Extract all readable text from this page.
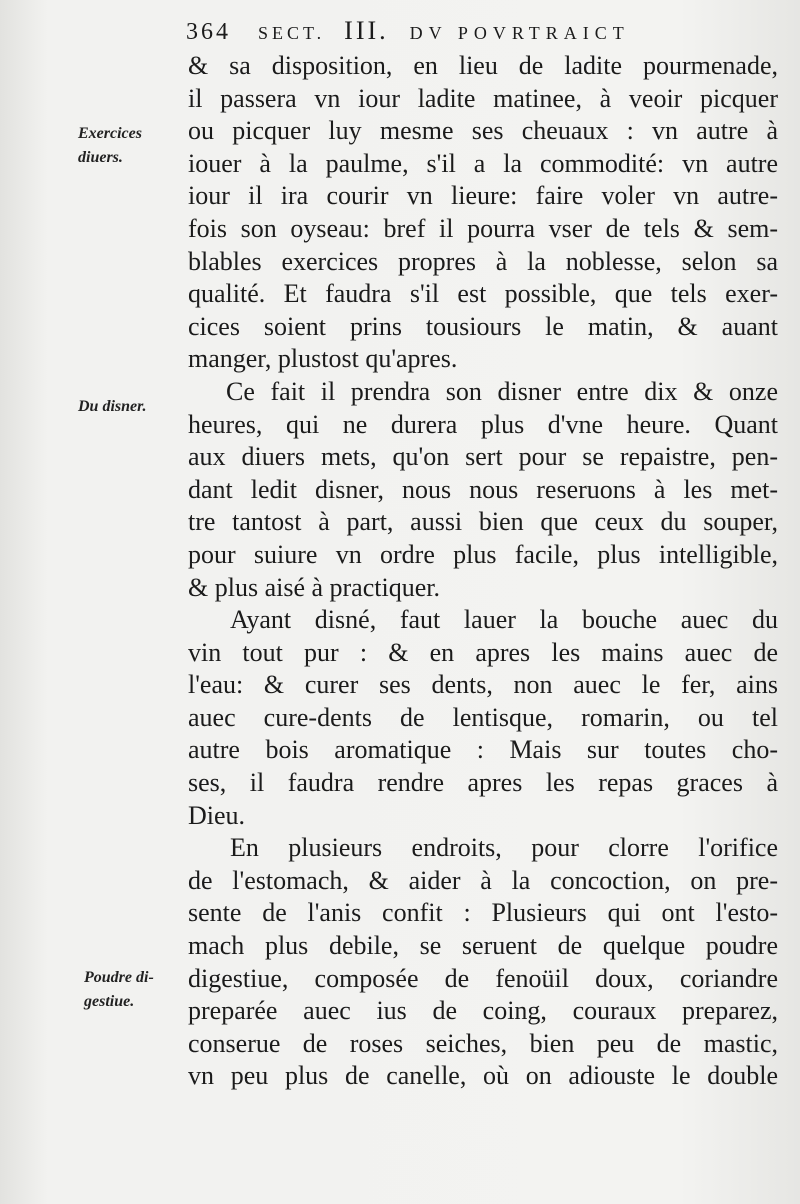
364 SECT. III. DV POVRTRAICT
Exercices
diuers.
Du disner.
Poudre di-
gestiue.
& sa disposition, en lieu de ladite pourmenade,
il passera vn iour ladite matinee, à veoir picquer
ou picquer luy mesme ses cheuaux : vn autre à
iouer à la paulme, s'il a la commodité: vn autre
iour il ira courir vn lieure: faire voler vn autre-
fois son oyseau: bref il pourra vser de tels & sem-
blables exercices propres à la noblesse, selon sa
qualité. Et faudra s'il est possible, que tels exer-
cices soient prins tousiours le matin, & auant
manger, plustost qu'apres.
Ce fait il prendra son disner entre dix & onze
heures, qui ne durera plus d'vne heure. Quant
aux diuers mets, qu'on sert pour se repaistre, pen-
dant ledit disner, nous nous reseruons à les met-
tre tantost à part, aussi bien que ceux du souper,
pour suiure vn ordre plus facile, plus intelligible,
& plus aisé à practiquer.
Ayant disné, faut lauer la bouche auec du
vin tout pur : & en apres les mains auec de
l'eau: & curer ses dents, non auec le fer, ains
auec cure-dents de lentisque, romarin, ou tel
autre bois aromatique : Mais sur toutes cho-
ses, il faudra rendre apres les repas graces à
Dieu.
En plusieurs endroits, pour clorre l'orifice
de l'estomach, & aider à la concoction, on pre-
sente de l'anis confit : Plusieurs qui ont l'esto-
mach plus debile, se seruent de quelque poudre
digestiue, composée de fenoüil doux, coriandre
preparée auec ius de coing, couraux preparez,
conserue de roses seiches, bien peu de mastic,
vn peu plus de canelle, où on adiouste le double
